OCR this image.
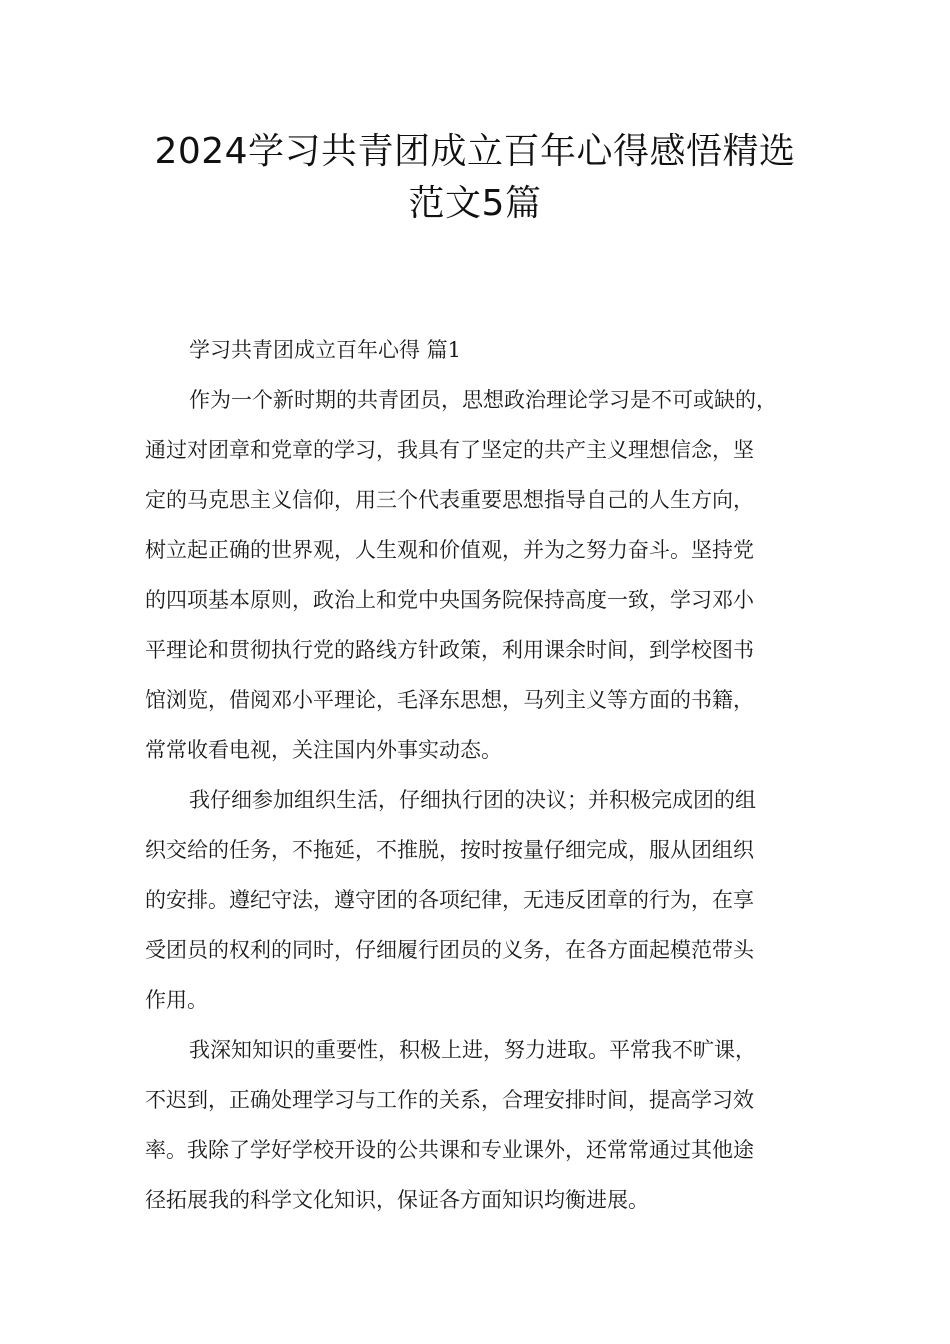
2024学习共青团成立百年心得感悟精选
范文5篇
学习共青团成立百年心得 篇1
作为一个新时期的共青团员，思想政治理论学习是不可或缺的，
通过对团章和党章的学习，我具有了坚定的共产主义理想信念，坚
定的马克思主义信仰，用三个代表重要思想指导自己的人生方向，
树立起正确的世界观，人生观和价值观，并为之努力奋斗。坚持党
的四项基本原则，政治上和党中央国务院保持高度一致，学习邓小
平理论和贯彻执行党的路线方针政策，利用课余时间，到学校图书
馆浏览，借阅邓小平理论，毛泽东思想，马列主义等方面的书籍，
常常收看电视，关注国内外事实动态。
我仔细参加组织生活，仔细执行团的决议；并积极完成团的组
织交给的任务，不拖延，不推脱，按时按量仔细完成，服从团组织
的安排。遵纪守法，遵守团的各项纪律，无违反团章的行为，在享
受团员的权利的同时，仔细履行团员的义务，在各方面起模范带头
作用。
我深知知识的重要性，积极上进，努力进取。平常我不旷课，
不迟到，正确处理学习与工作的关系，合理安排时间，提高学习效
率。我除了学好学校开设的公共课和专业课外，还常常通过其他途
径拓展我的科学文化知识，保证各方面知识均衡进展。
